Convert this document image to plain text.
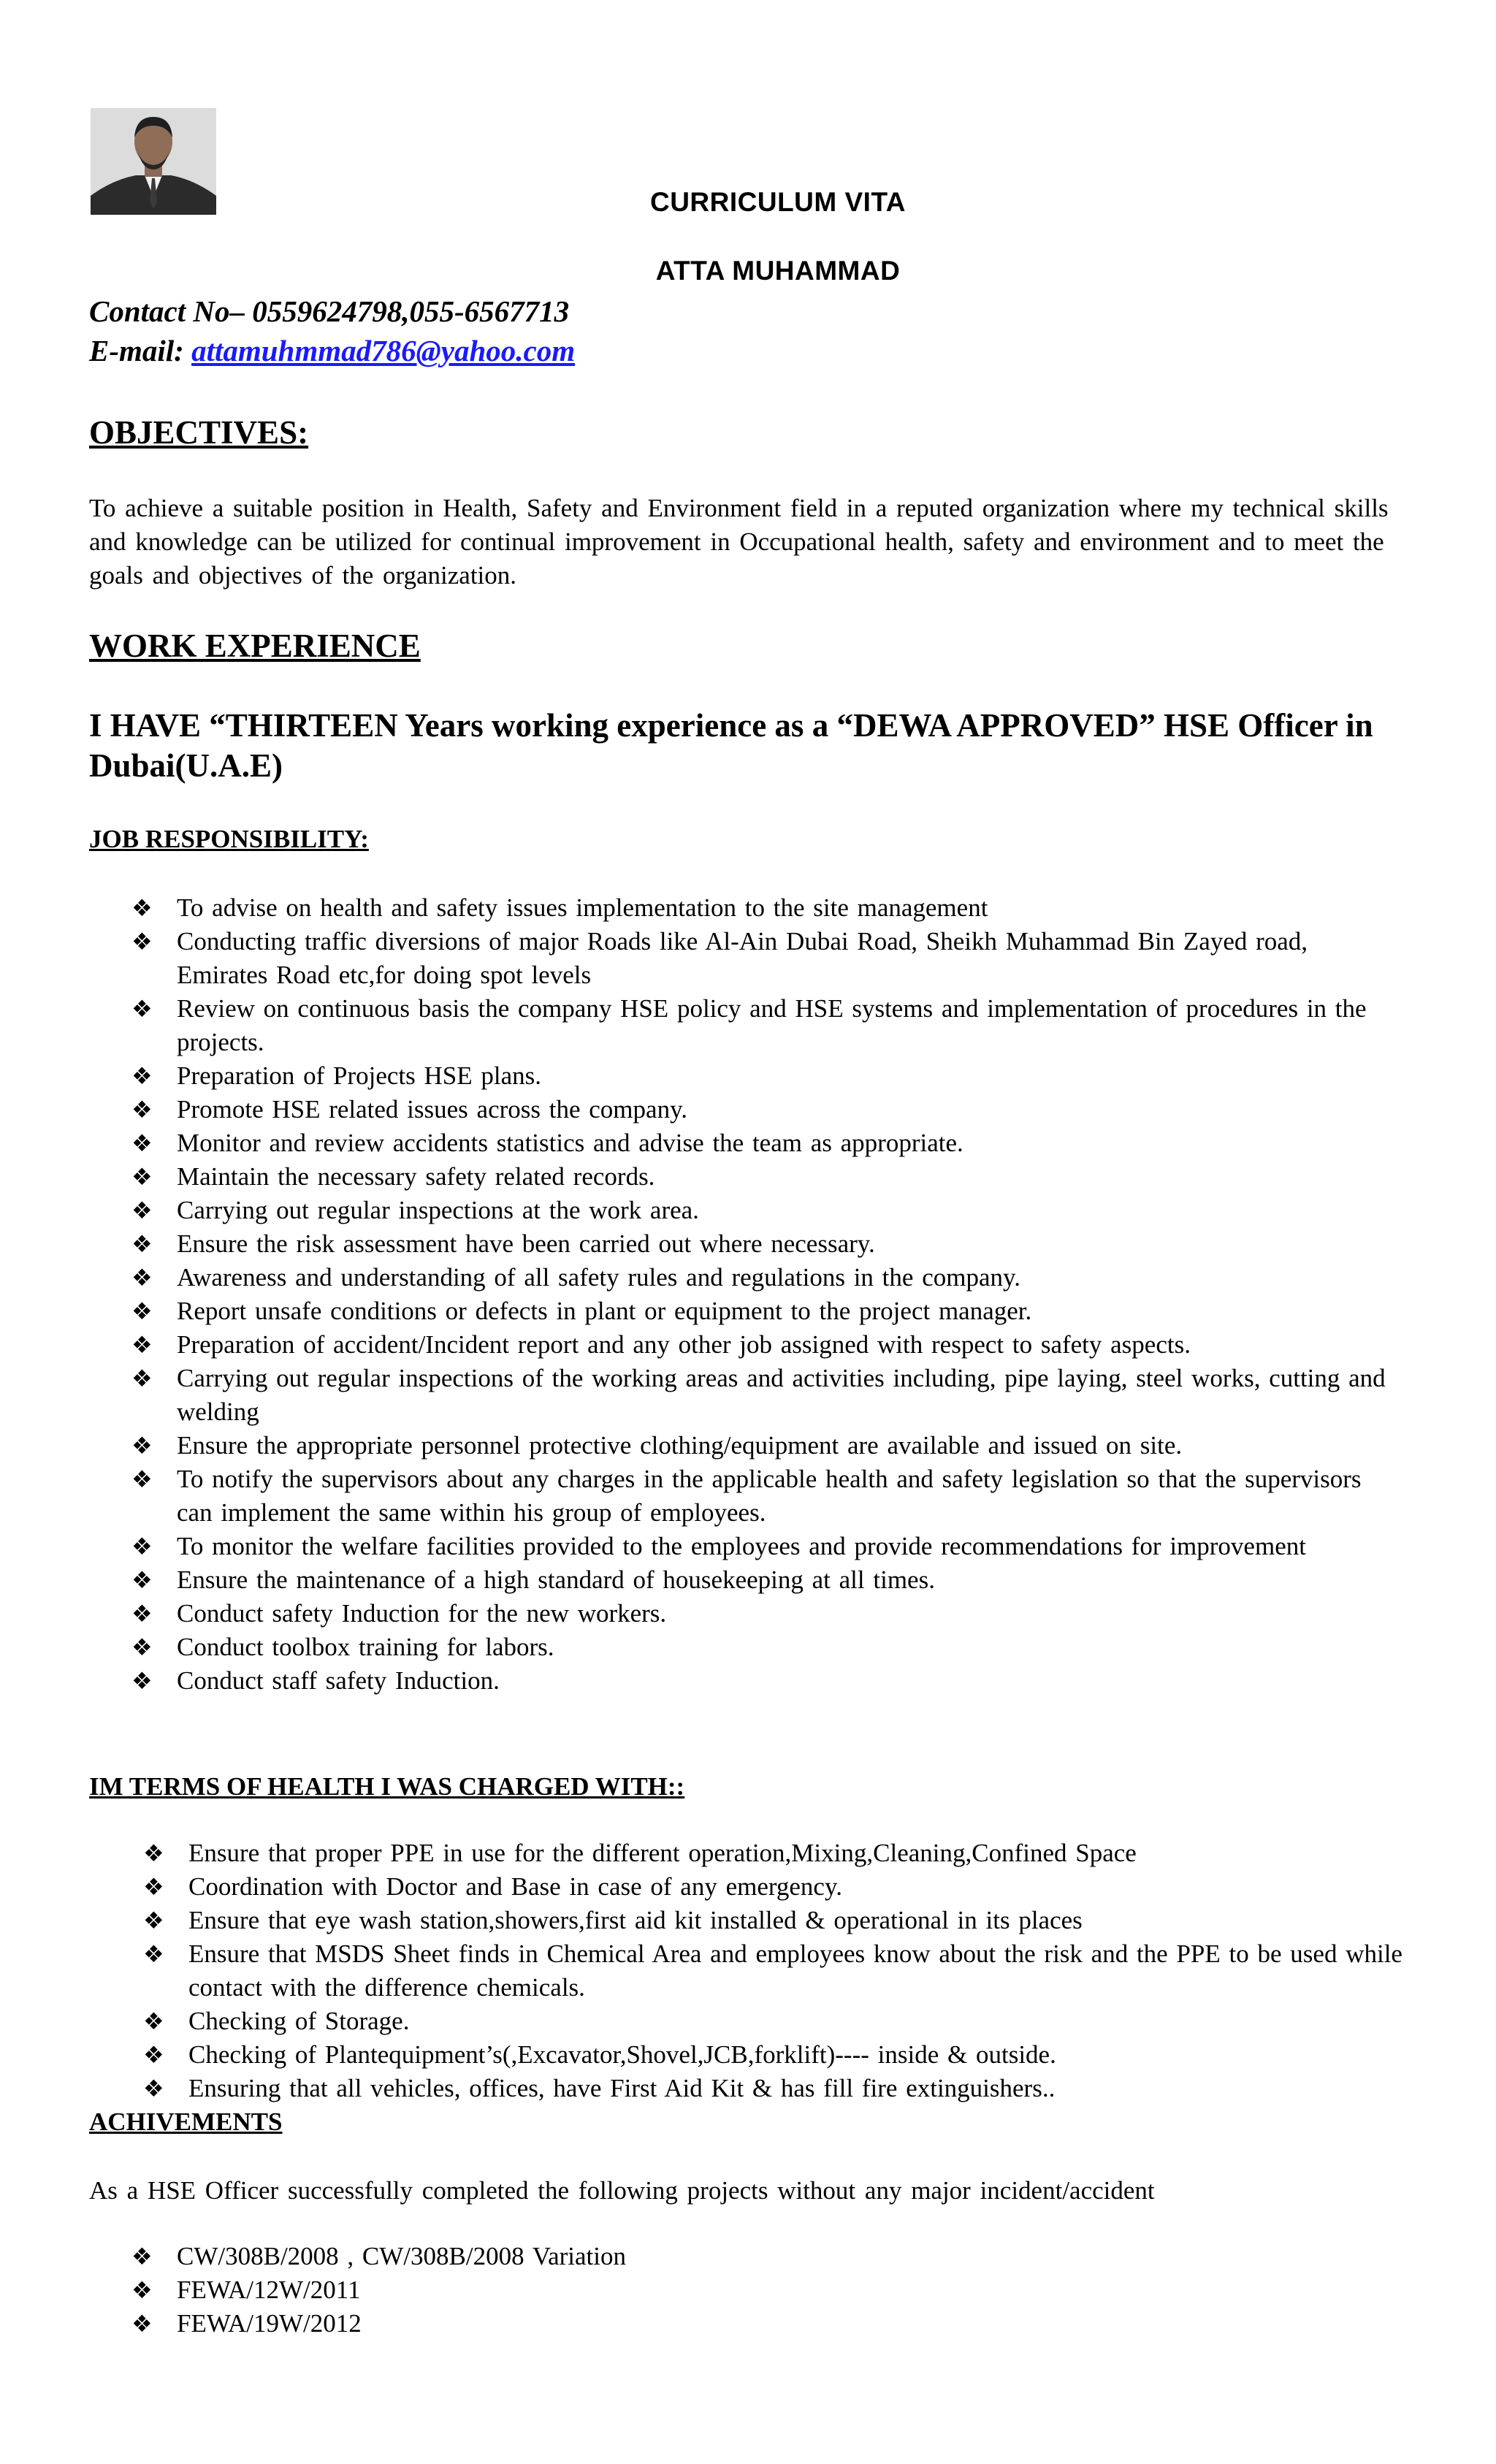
CURRICULUM VITA
ATTA MUHAMMAD
Contact No– 0559624798,055-6567713
E-mail: attamuhmmad786@yahoo.com
OBJECTIVES:
To achieve a suitable position in Health, Safety and Environment field in a reputed organization where my technical skills and knowledge can be utilized for continual improvement in Occupational health, safety and environment and to meet the goals and objectives of the organization.
WORK EXPERIENCE
I HAVE “THIRTEEN Years working experience as a “DEWA APPROVED” HSE Officer in Dubai(U.A.E)
JOB RESPONSIBILITY:
❖ To advise on health and safety issues implementation to the site management
❖ Conducting traffic diversions of major Roads like Al-Ain Dubai Road, Sheikh Muhammad Bin Zayed road, Emirates Road etc,for doing spot levels
❖ Review on continuous basis the company HSE policy and HSE systems and implementation of procedures in the projects.
❖ Preparation of Projects HSE plans.
❖ Promote HSE related issues across the company.
❖ Monitor and review accidents statistics and advise the team as appropriate.
❖ Maintain the necessary safety related records.
❖ Carrying out regular inspections at the work area.
❖ Ensure the risk assessment have been carried out where necessary.
❖ Awareness and understanding of all safety rules and regulations in the company.
❖ Report unsafe conditions or defects in plant or equipment to the project manager.
❖ Preparation of accident/Incident report and any other job assigned with respect to safety aspects.
❖ Carrying out regular inspections of the working areas and activities including, pipe laying, steel works, cutting and welding
❖ Ensure the appropriate personnel protective clothing/equipment are available and issued on site.
❖ To notify the supervisors about any charges in the applicable health and safety legislation so that the supervisors can implement the same within his group of employees.
❖ To monitor the welfare facilities provided to the employees and provide recommendations for improvement
❖ Ensure the maintenance of a high standard of housekeeping at all times.
❖ Conduct safety Induction for the new workers.
❖ Conduct toolbox training for labors.
❖ Conduct staff safety Induction.
IM TERMS OF HEALTH I WAS CHARGED WITH::
❖ Ensure that proper PPE in use for the different operation,Mixing,Cleaning,Confined Space
❖ Coordination with Doctor and Base in case of any emergency.
❖ Ensure that eye wash station,showers,first aid kit installed & operational in its places
❖ Ensure that MSDS Sheet finds in Chemical Area and employees know about the risk and the PPE to be used while contact with the difference chemicals.
❖ Checking of Storage.
❖ Checking of Plantequipment’s(,Excavator,Shovel,JCB,forklift)---- inside & outside.
❖ Ensuring that all vehicles, offices, have First Aid Kit & has fill fire extinguishers..
ACHIVEMENTS
As a HSE Officer successfully completed the following projects without any major incident/accident
❖ CW/308B/2008 , CW/308B/2008 Variation
❖ FEWA/12W/2011
❖ FEWA/19W/2012
